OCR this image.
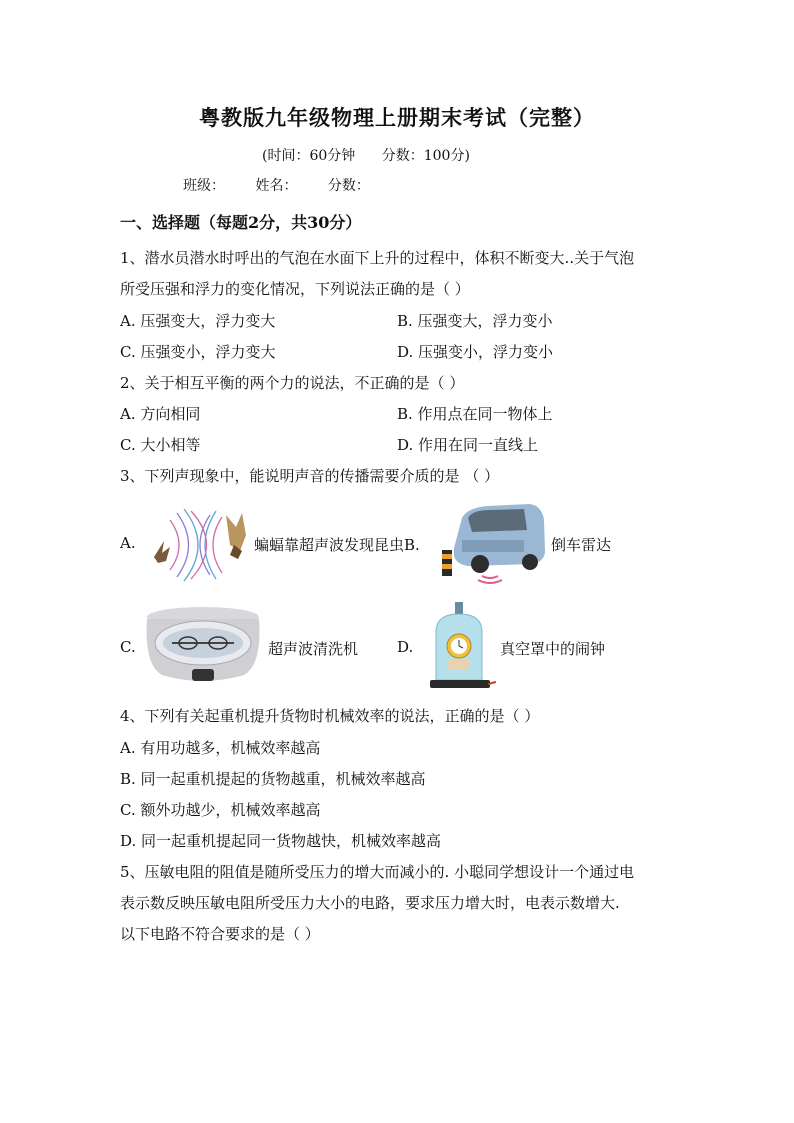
粤教版九年级物理上册期末考试（完整）
(时间：60分钟 分数：100分)
班级： 姓名： 分数：
一、选择题（每题2分，共30分）
1、潜水员潜水时呼出的气泡在水面下上升的过程中，体积不断变大..关于气泡
所受压强和浮力的变化情况，下列说法正确的是（ ）
A. 压强变大，浮力变大	B. 压强变大，浮力变小
C. 压强变小，浮力变大	D. 压强变小，浮力变小
2、关于相互平衡的两个力的说法，不正确的是（ ）
A. 方向相同	B. 作用点在同一物体上
C. 大小相等	D. 作用在同一直线上
3、下列声现象中，能说明声音的传播需要介质的是 （ ）
A.	蝙蝠靠超声波发现昆虫B.	倒车雷达
C.	超声波清洗机	D.	真空罩中的闹钟
4、下列有关起重机提升货物时机械效率的说法，正确的是（ ）
A. 有用功越多，机械效率越高
B. 同一起重机提起的货物越重，机械效率越高
C. 额外功越少，机械效率越高
D. 同一起重机提起同一货物越快，机械效率越高
5、压敏电阻的阻值是随所受压力的增大而减小的. 小聪同学想设计一个通过电
表示数反映压敏电阻所受压力大小的电路，要求压力增大时，电表示数增大.
以下电路不符合要求的是（ ）
